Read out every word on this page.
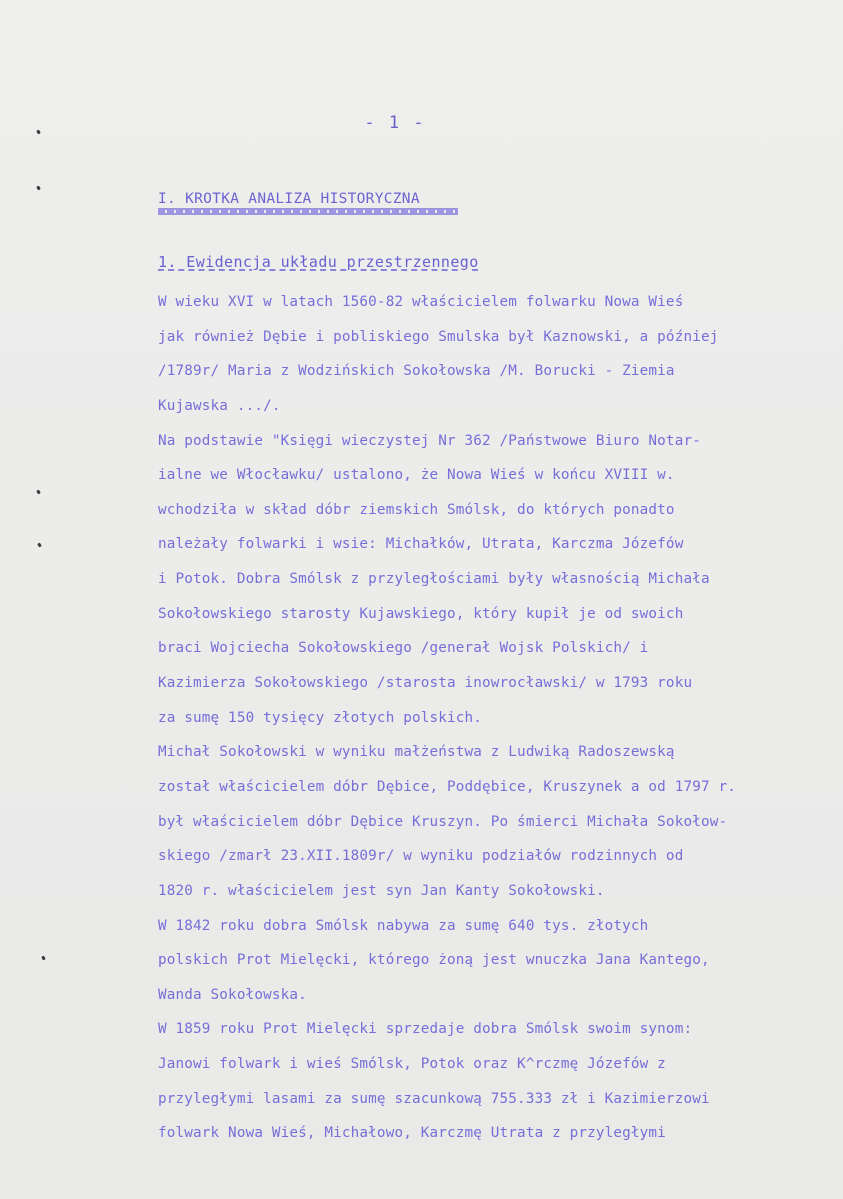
- 1 -
I. KROTKA ANALIZA HISTORYCZNA
1. Ewidencja układu przestrzennego
W wieku XVI w latach 1560-82 właścicielem folwarku Nowa Wieś
jak również Dębie i pobliskiego Smulska był Kaznowski, a później
/1789r/ Maria z Wodzińskich Sokołowska /M. Borucki - Ziemia
Kujawska .../.
Na podstawie "Księgi wieczystej Nr 362 /Państwowe Biuro Notar-
ialne we Włocławku/ ustalono, że Nowa Wieś w końcu XVIII w.
wchodziła w skład dóbr ziemskich Smólsk, do których ponadto
należały folwarki i wsie: Michałków, Utrata, Karczma Józefów
i Potok. Dobra Smólsk z przyległościami były własnością Michała
Sokołowskiego starosty Kujawskiego, który kupił je od swoich
braci Wojciecha Sokołowskiego /generał Wojsk Polskich/ i
Kazimierza Sokołowskiego /starosta inowrocławski/ w 1793 roku
za sumę 150 tysięcy złotych polskich.
Michał Sokołowski w wyniku małżeństwa z Ludwiką Radoszewską
został właścicielem dóbr Dębice, Poddębice, Kruszynek a od 1797 r.
był właścicielem dóbr Dębice Kruszyn. Po śmierci Michała Sokołow-
skiego /zmarł 23.XII.1809r/ w wyniku podziałów rodzinnych od
1820 r. właścicielem jest syn Jan Kanty Sokołowski.
W 1842 roku dobra Smólsk nabywa za sumę 640 tys. złotych
polskich Prot Mielęcki, którego żoną jest wnuczka Jana Kantego,
Wanda Sokołowska.
W 1859 roku Prot Mielęcki sprzedaje dobra Smólsk swoim synom:
Janowi folwark i wieś Smólsk, Potok oraz K^rczmę Józefów z
przyległymi lasami za sumę szacunkową 755.333 zł i Kazimierzowi
folwark Nowa Wieś, Michałowo, Karczmę Utrata z przyległymi
